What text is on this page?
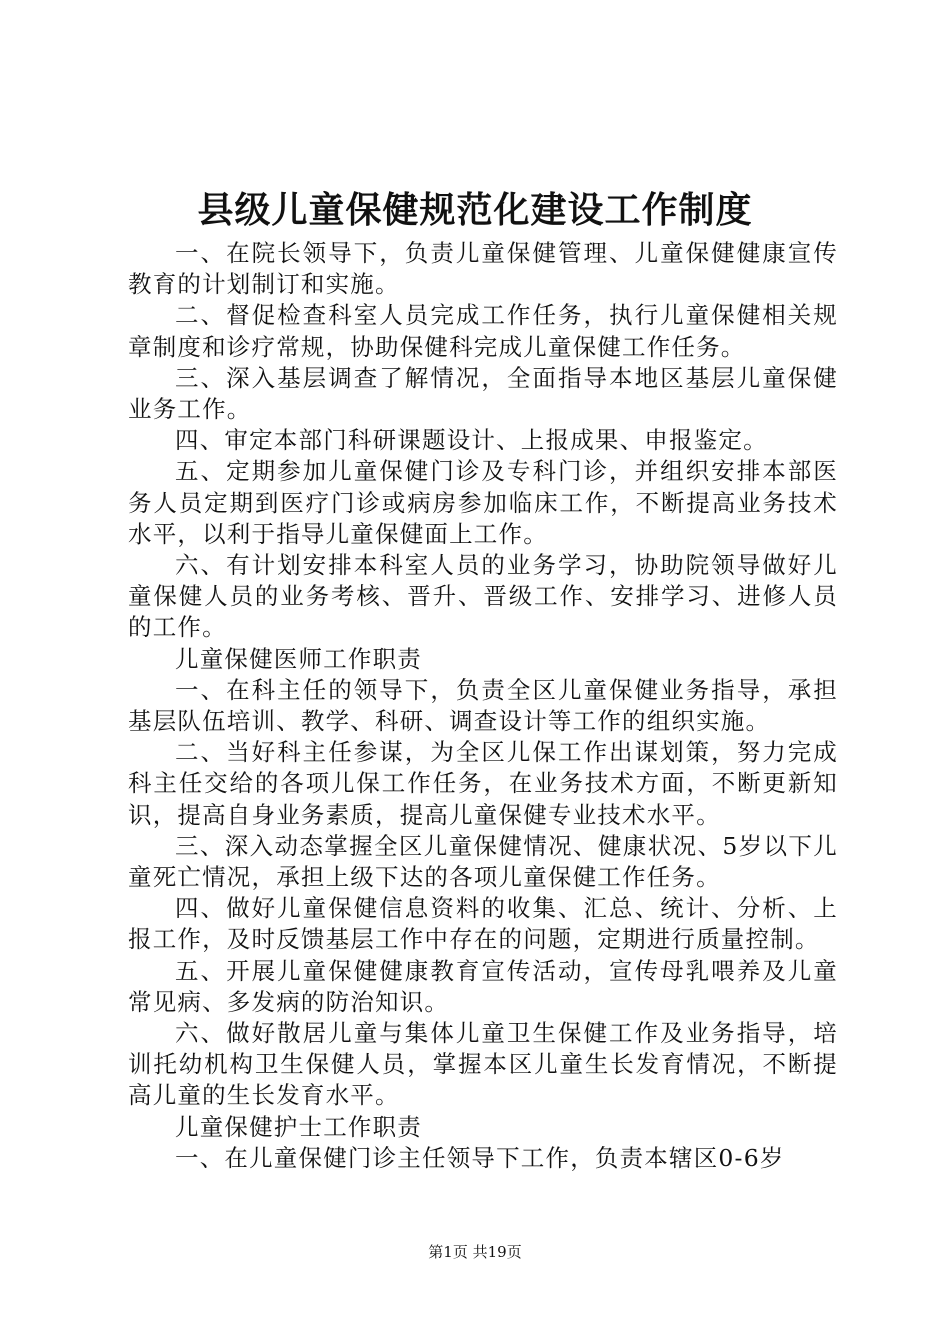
县级儿童保健规范化建设工作制度

一、在院长领导下，负责儿童保健管理、儿童保健健康宣传教育的计划制订和实施。

二、督促检查科室人员完成工作任务，执行儿童保健相关规章制度和诊疗常规，协助保健科完成儿童保健工作任务。

三、深入基层调查了解情况，全面指导本地区基层儿童保健业务工作。

四、审定本部门科研课题设计、上报成果、申报鉴定。

五、定期参加儿童保健门诊及专科门诊，并组织安排本部医务人员定期到医疗门诊或病房参加临床工作，不断提高业务技术水平，以利于指导儿童保健面上工作。

六、有计划安排本科室人员的业务学习，协助院领导做好儿童保健人员的业务考核、晋升、晋级工作、安排学习、进修人员的工作。

儿童保健医师工作职责

一、在科主任的领导下，负责全区儿童保健业务指导，承担基层队伍培训、教学、科研、调查设计等工作的组织实施。

二、当好科主任参谋，为全区儿保工作出谋划策，努力完成科主任交给的各项儿保工作任务，在业务技术方面，不断更新知识，提高自身业务素质，提高儿童保健专业技术水平。

三、深入动态掌握全区儿童保健情况、健康状况、5岁以下儿童死亡情况，承担上级下达的各项儿童保健工作任务。

四、做好儿童保健信息资料的收集、汇总、统计、分析、上报工作，及时反馈基层工作中存在的问题，定期进行质量控制。

五、开展儿童保健健康教育宣传活动，宣传母乳喂养及儿童常见病、多发病的防治知识。

六、做好散居儿童与集体儿童卫生保健工作及业务指导，培训托幼机构卫生保健人员，掌握本区儿童生长发育情况，不断提高儿童的生长发育水平。

儿童保健护士工作职责

一、在儿童保健门诊主任领导下工作，负责本辖区0-6岁

第1页 共19页
